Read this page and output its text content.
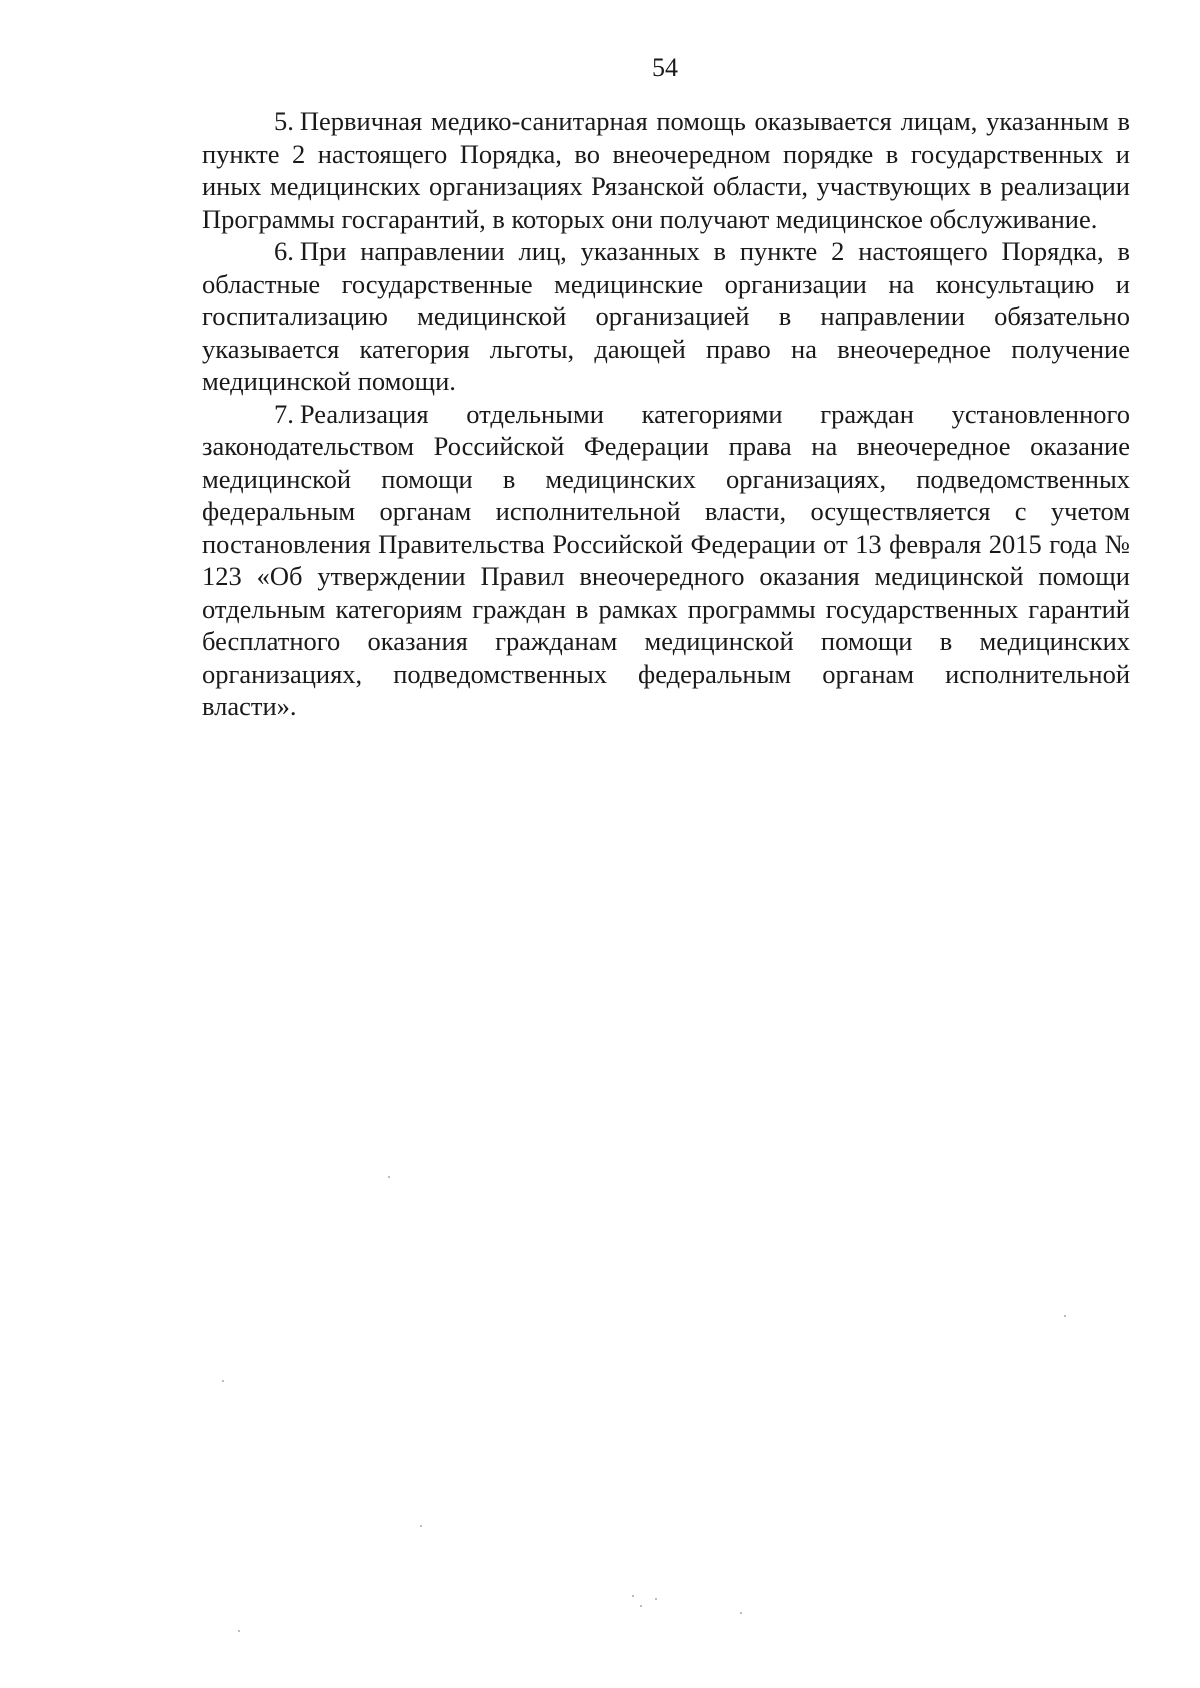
54

5. Первичная медико-санитарная помощь оказывается лицам, указанным в пункте 2 настоящего Порядка, во внеочередном порядке в государственных и иных медицинских организациях Рязанской области, участвующих в реализации Программы госгарантий, в которых они получают медицинское обслуживание.

6. При направлении лиц, указанных в пункте 2 настоящего Порядка, в областные государственные медицинские организации на консультацию и госпитализацию медицинской организацией в направлении обязательно указывается категория льготы, дающей право на внеочередное получение медицинской помощи.

7. Реализация отдельными категориями граждан установленного законодательством Российской Федерации права на внеочередное оказание медицинской помощи в медицинских организациях, подведомственных федеральным органам исполнительной власти, осуществляется с учетом постановления Правительства Российской Федерации от 13 февраля 2015 года № 123 «Об утверждении Правил внеочередного оказания медицинской помощи отдельным категориям граждан в рамках программы государственных гарантий бесплатного оказания гражданам медицинской помощи в медицинских организациях, подведомственных федеральным органам исполнительной власти».
